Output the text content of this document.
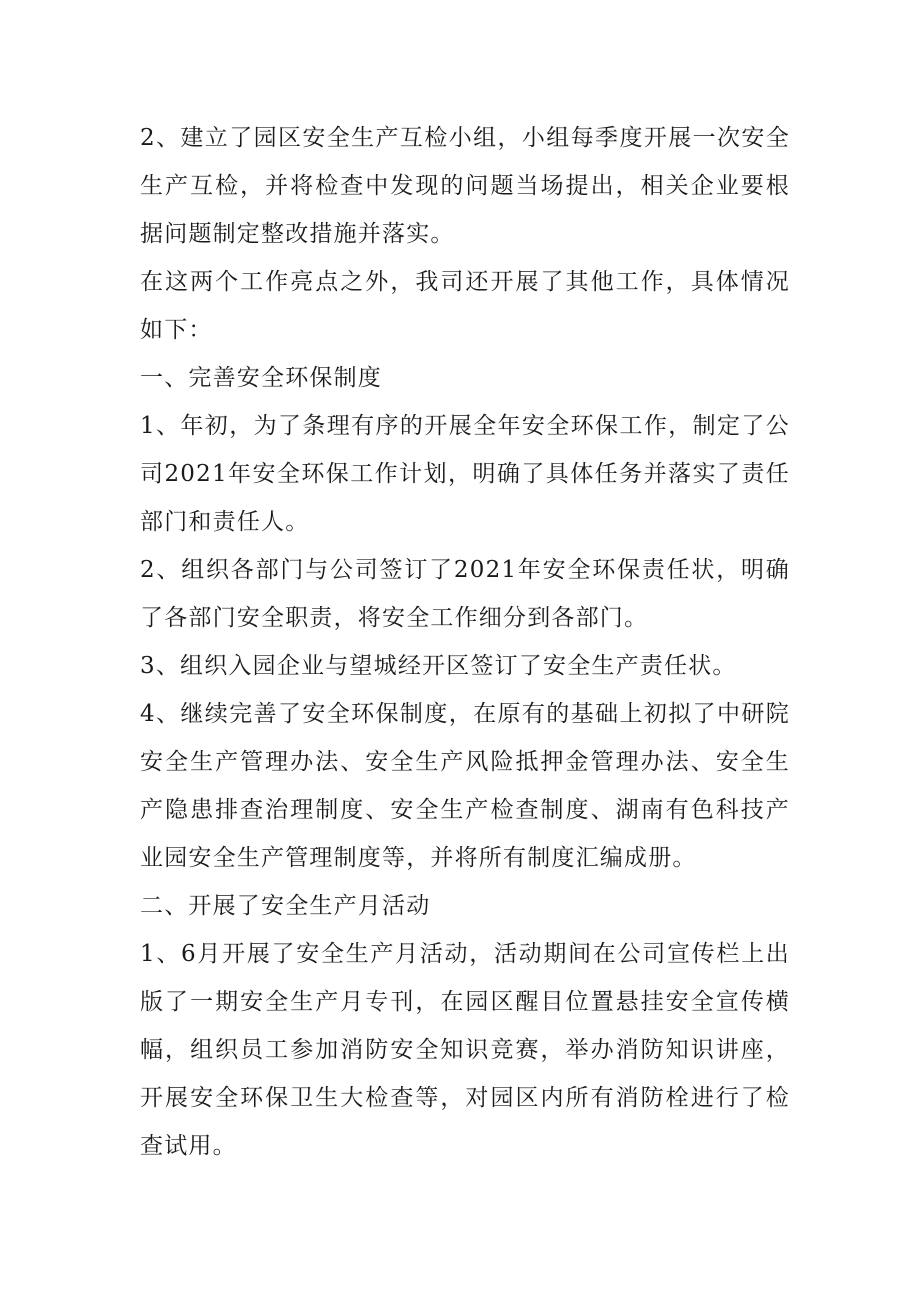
2、建立了园区安全生产互检小组，小组每季度开展一次安全生产互检，并将检查中发现的问题当场提出，相关企业要根据问题制定整改措施并落实。

在这两个工作亮点之外，我司还开展了其他工作，具体情况如下：

一、完善安全环保制度

1、年初，为了条理有序的开展全年安全环保工作，制定了公司2021年安全环保工作计划，明确了具体任务并落实了责任部门和责任人。

2、组织各部门与公司签订了2021年安全环保责任状，明确了各部门安全职责，将安全工作细分到各部门。

3、组织入园企业与望城经开区签订了安全生产责任状。

4、继续完善了安全环保制度，在原有的基础上初拟了中研院安全生产管理办法、安全生产风险抵押金管理办法、安全生产隐患排查治理制度、安全生产检查制度、湖南有色科技产业园安全生产管理制度等，并将所有制度汇编成册。

二、开展了安全生产月活动

1、6月开展了安全生产月活动，活动期间在公司宣传栏上出版了一期安全生产月专刊，在园区醒目位置悬挂安全宣传横幅，组织员工参加消防安全知识竞赛，举办消防知识讲座，开展安全环保卫生大检查等，对园区内所有消防栓进行了检查试用。
